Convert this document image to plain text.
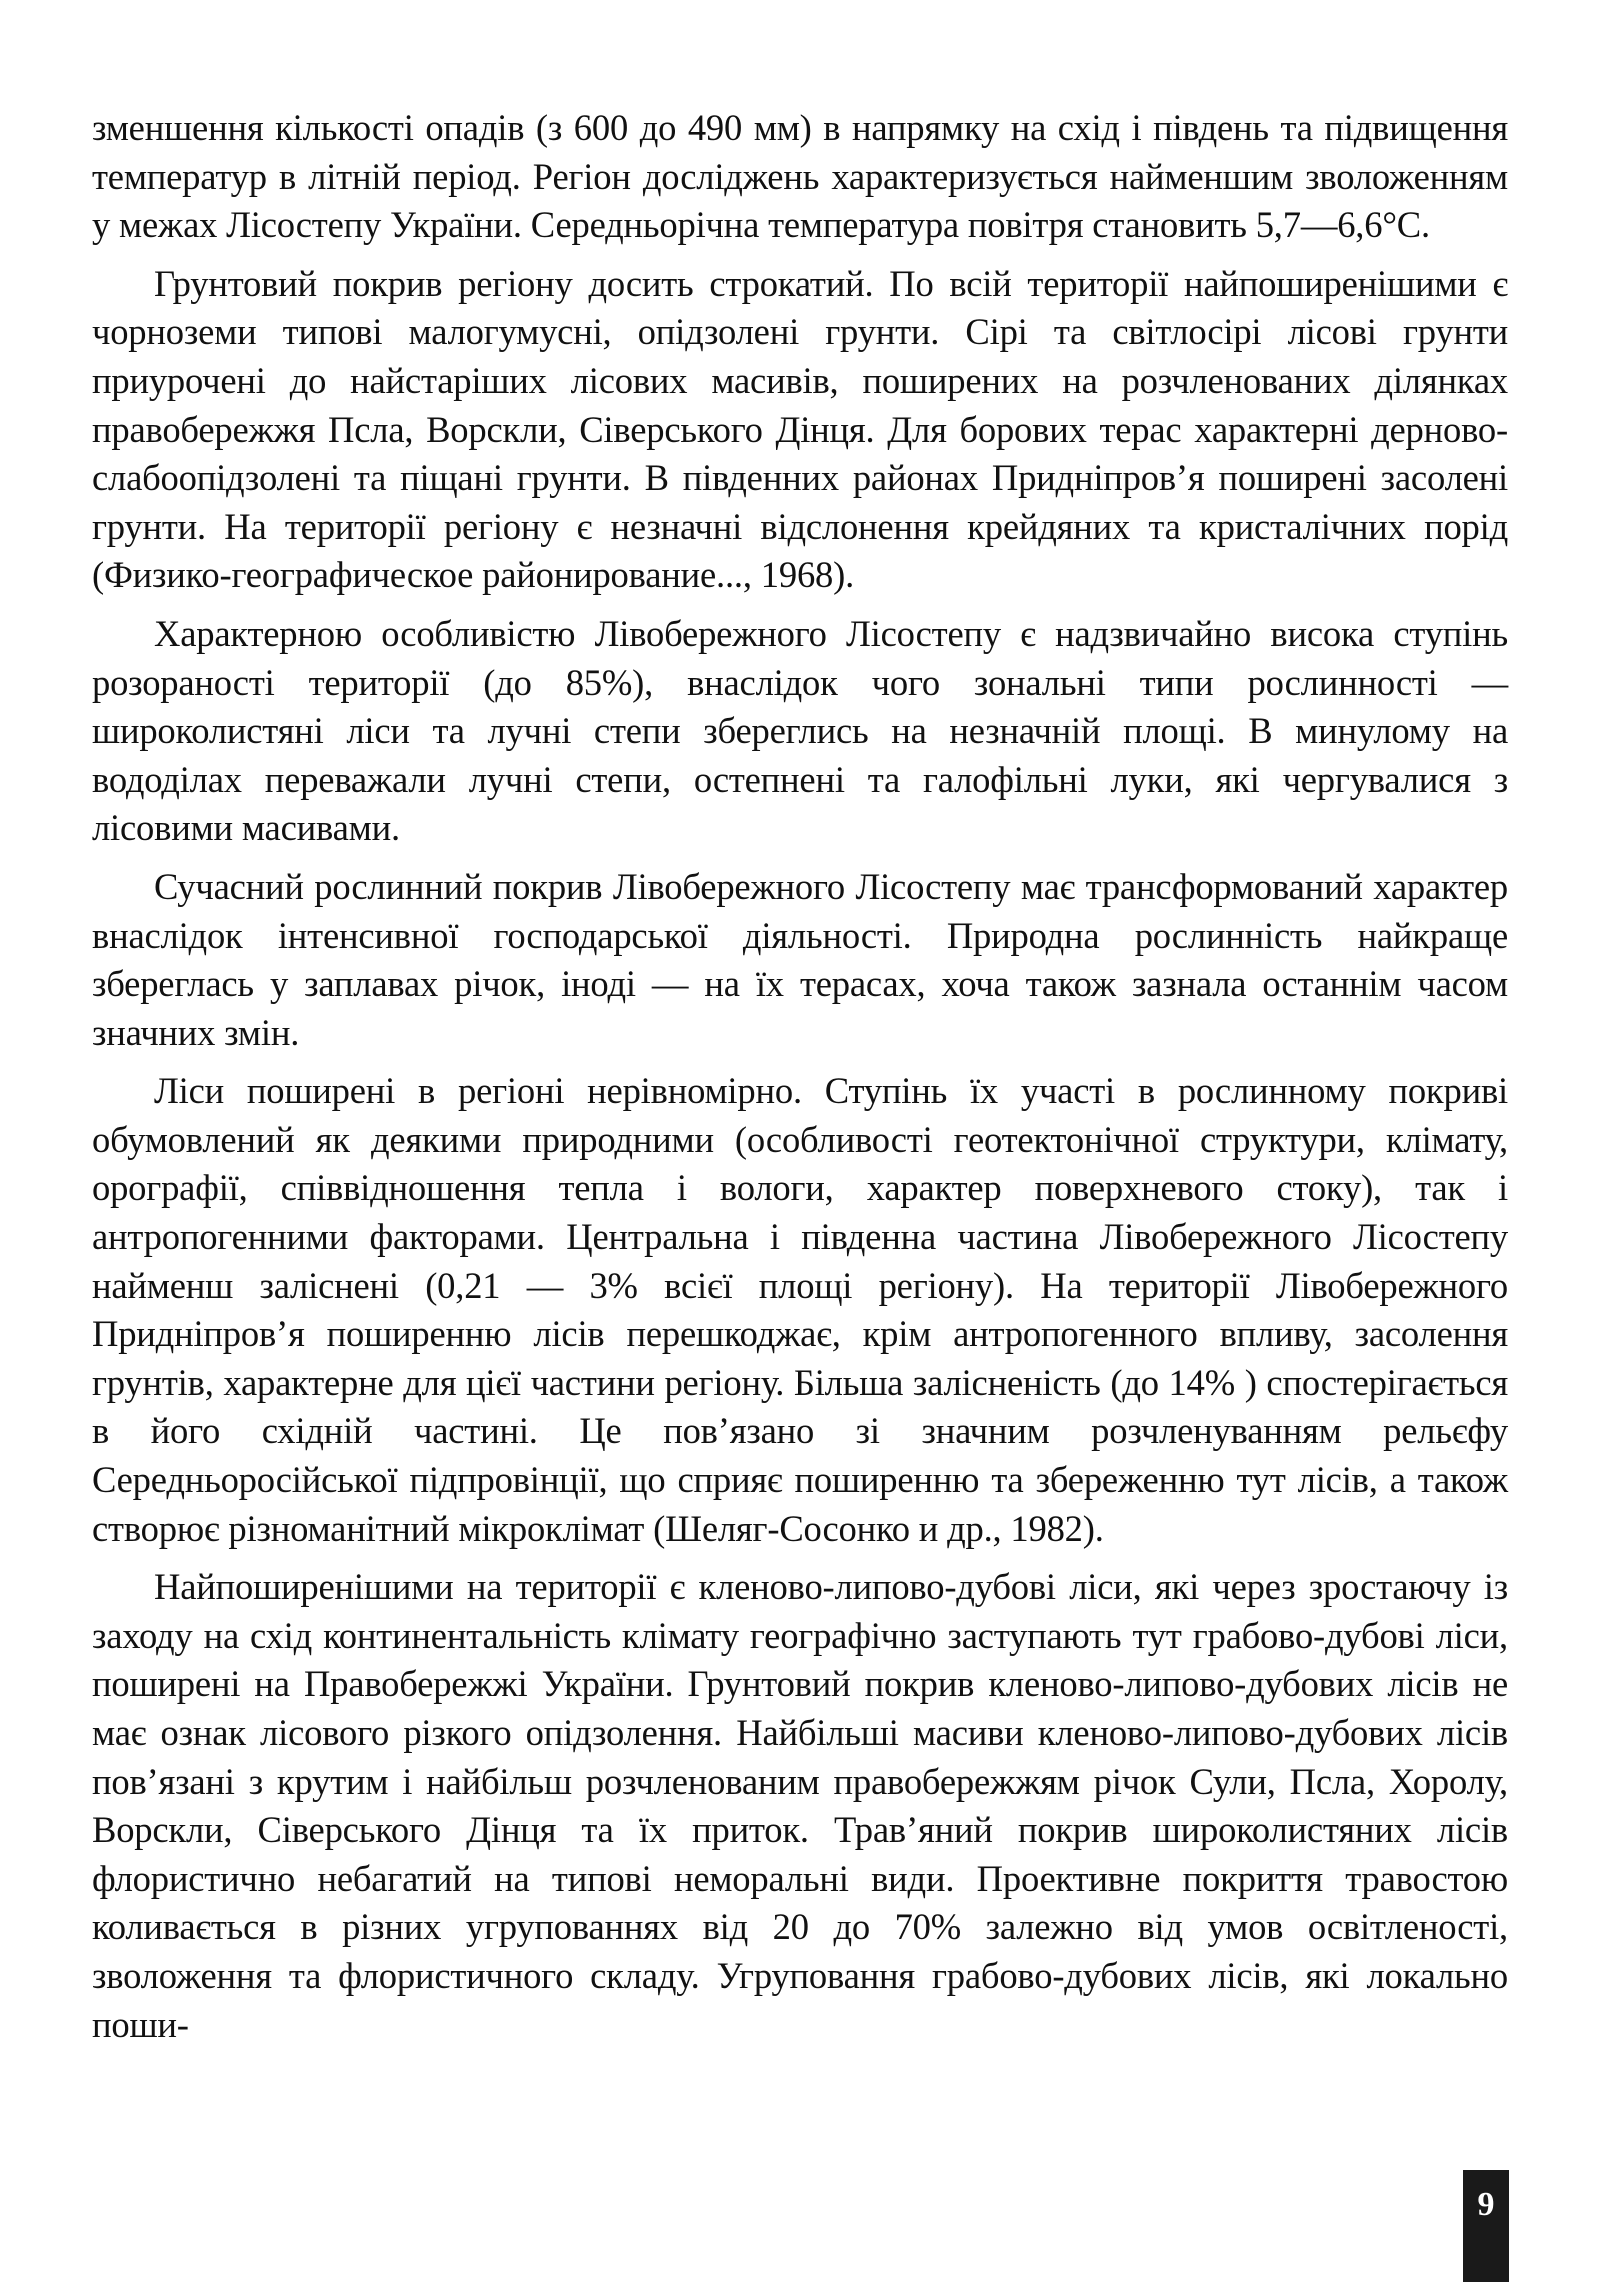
зменшення кількості опадів (з 600 до 490 мм) в напрямку на схід і південь та підвищення температур в літній період. Регіон досліджень характеризується найменшим зволоженням у межах Лісостепу України. Середньорічна температура повітря становить 5,7—6,6°С.

Грунтовий покрив регіону досить строкатий. По всій території найпоширенішими є чорноземи типові малогумусні, опідзолені грунти. Сірі та світлосірі лісові грунти приурочені до найстаріших лісових масивів, поширених на розчленованих ділянках правобережжя Псла, Ворскли, Сіверського Дінця. Для борових терас характерні дерново-слабоопідзолені та піщані грунти. В південних районах Придніпров’я поширені засолені грунти. На території регіону є незначні відслонення крейдяних та кристалічних порід (Физико-географическое районирование..., 1968).

Характерною особливістю Лівобережного Лісостепу є надзвичайно висока ступінь розораності території (до 85%), внаслідок чого зональні типи рослинності — широколистяні ліси та лучні степи збереглись на незначній площі. В минулому на вододілах переважали лучні степи, остепнені та галофільні луки, які чергувалися з лісовими масивами.

Сучасний рослинний покрив Лівобережного Лісостепу має трансформований характер внаслідок інтенсивної господарської діяльності. Природна рослинність найкраще збереглась у заплавах річок, іноді — на їх терасах, хоча також зазнала останнім часом значних змін.

Ліси поширені в регіоні нерівномірно. Ступінь їх участі в рослинному покриві обумовлений як деякими природними (особливості геотектонічної структури, клімату, орографії, співвідношення тепла і вологи, характер поверхневого стоку), так і антропогенними факторами. Центральна і південна частина Лівобережного Лісостепу найменш заліснені (0,21 — 3% всієї площі регіону). На території Лівобережного Придніпров’я поширенню лісів перешкоджає, крім антропогенного впливу, засолення грунтів, характерне для цієї частини регіону. Більша залісненість (до 14% ) спостерігається в його східній частині. Це пов’язано зі значним розчленуванням рельєфу Середньоросійської підпровінції, що сприяє поширенню та збереженню тут лісів, а також створює різноманітний мікроклімат (Шеляг-Сосонко и др., 1982).

Найпоширенішими на території є кленово-липово-дубові ліси, які через зростаючу із заходу на схід континентальність клімату географічно заступають тут грабово-дубові ліси, поширені на Правобережжі України. Грунтовий покрив кленово-липово-дубових лісів не має ознак лісового різкого опідзолення. Найбільші масиви кленово-липово-дубових лісів пов’язані з крутим і найбільш розчленованим правобережжям річок Сули, Псла, Хоролу, Ворскли, Сіверського Дінця та їх приток. Трав’яний покрив широколистяних лісів флористично небагатий на типові неморальні види. Проективне покриття травостою коливається в різних угрупованнях від 20 до 70% залежно від умов освітленості, зволоження та флористичного складу. Угруповання грабово-дубових лісів, які локально поши-

9
